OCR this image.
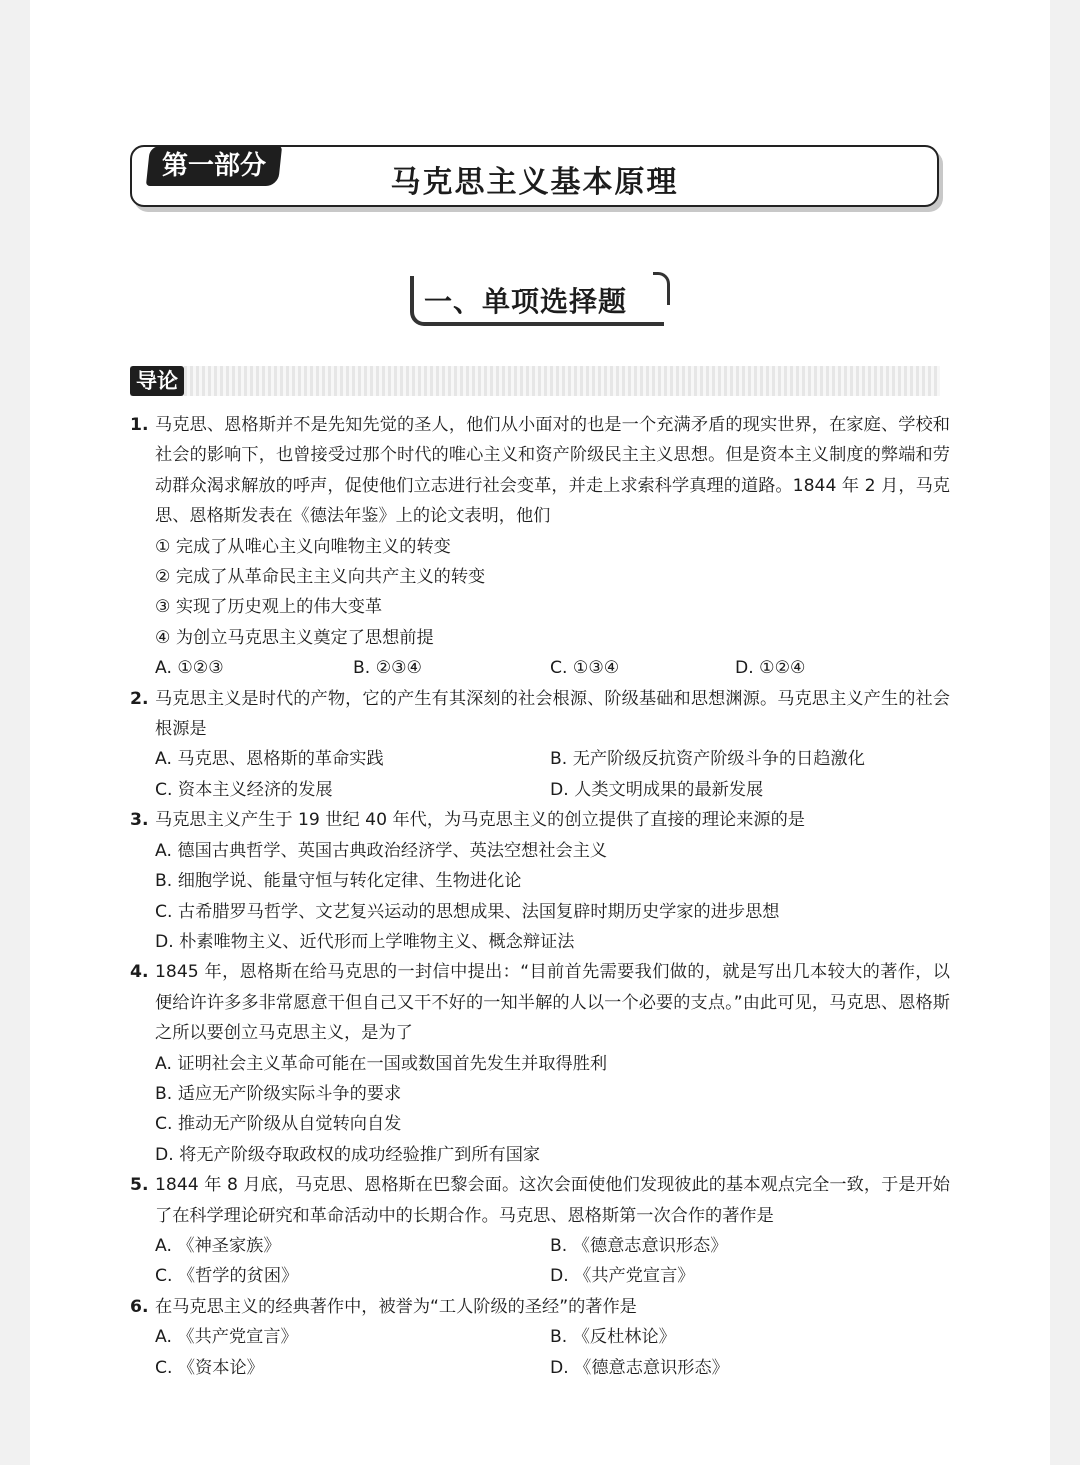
第一部分	马克思主义基本原理
一、单项选择题
导论
1. 马克思、恩格斯并不是先知先觉的圣人，他们从小面对的也是一个充满矛盾的现实世界，在家庭、学校和社会的影响下，也曾接受过那个时代的唯心主义和资产阶级民主主义思想。但是资本主义制度的弊端和劳动群众渴求解放的呼声，促使他们立志进行社会变革，并走上求索科学真理的道路。1844 年 2 月，马克思、恩格斯发表在《德法年鉴》上的论文表明，他们
① 完成了从唯心主义向唯物主义的转变
② 完成了从革命民主主义向共产主义的转变
③ 实现了历史观上的伟大变革
④ 为创立马克思主义奠定了思想前提
A. ①②③	B. ②③④	C. ①③④	D. ①②④
2. 马克思主义是时代的产物，它的产生有其深刻的社会根源、阶级基础和思想渊源。马克思主义产生的社会根源是
A. 马克思、恩格斯的革命实践	B. 无产阶级反抗资产阶级斗争的日趋激化
C. 资本主义经济的发展	D. 人类文明成果的最新发展
3. 马克思主义产生于 19 世纪 40 年代，为马克思主义的创立提供了直接的理论来源的是
A. 德国古典哲学、英国古典政治经济学、英法空想社会主义
B. 细胞学说、能量守恒与转化定律、生物进化论
C. 古希腊罗马哲学、文艺复兴运动的思想成果、法国复辟时期历史学家的进步思想
D. 朴素唯物主义、近代形而上学唯物主义、概念辩证法
4. 1845 年，恩格斯在给马克思的一封信中提出：“目前首先需要我们做的，就是写出几本较大的著作，以便给许许多多非常愿意干但自己又干不好的一知半解的人以一个必要的支点。”由此可见，马克思、恩格斯之所以要创立马克思主义，是为了
A. 证明社会主义革命可能在一国或数国首先发生并取得胜利
B. 适应无产阶级实际斗争的要求
C. 推动无产阶级从自觉转向自发
D. 将无产阶级夺取政权的成功经验推广到所有国家
5. 1844 年 8 月底，马克思、恩格斯在巴黎会面。这次会面使他们发现彼此的基本观点完全一致，于是开始了在科学理论研究和革命活动中的长期合作。马克思、恩格斯第一次合作的著作是
A. 《神圣家族》	B. 《德意志意识形态》
C. 《哲学的贫困》	D. 《共产党宣言》
6. 在马克思主义的经典著作中，被誉为“工人阶级的圣经”的著作是
A. 《共产党宣言》	B. 《反杜林论》
C. 《资本论》	D. 《德意志意识形态》
